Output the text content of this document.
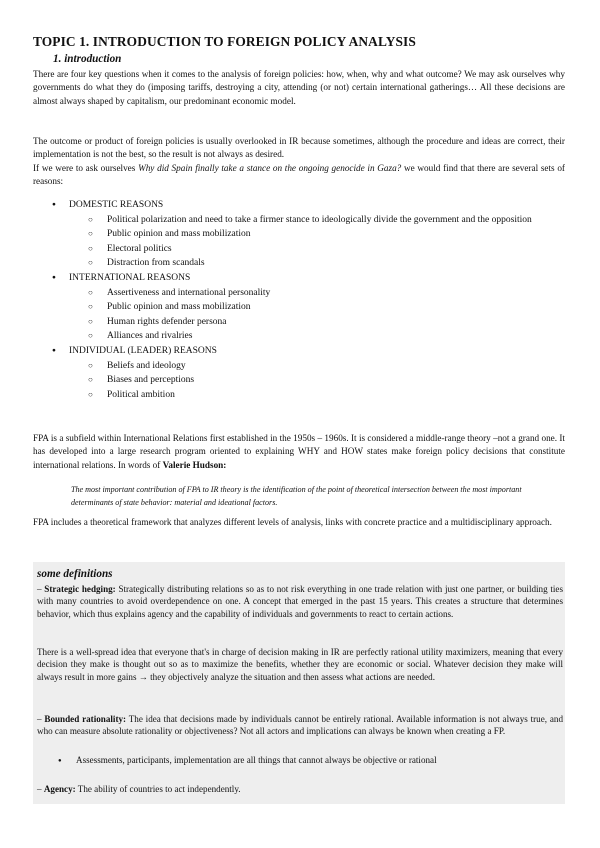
TOPIC 1. INTRODUCTION TO FOREIGN POLICY ANALYSIS
1. introduction

There are four key questions when it comes to the analysis of foreign policies: how, when, why and what outcome? We may ask ourselves why governments do what they do (imposing tariffs, destroying a city, attending (or not) certain international gatherings… All these decisions are almost always shaped by capitalism, our predominant economic model.

The outcome or product of foreign policies is usually overlooked in IR because sometimes, although the procedure and ideas are correct, their implementation is not the best, so the result is not always as desired.

If we were to ask ourselves Why did Spain finally take a stance on the ongoing genocide in Gaza? we would find that there are several sets of reasons:

● DOMESTIC REASONS
○ Political polarization and need to take a firmer stance to ideologically divide the government and the opposition
○ Public opinion and mass mobilization
○ Electoral politics
○ Distraction from scandals
● INTERNATIONAL REASONS
○ Assertiveness and international personality
○ Public opinion and mass mobilization
○ Human rights defender persona
○ Alliances and rivalries
● INDIVIDUAL (LEADER) REASONS
○ Beliefs and ideology
○ Biases and perceptions
○ Political ambition

FPA is a subfield within International Relations first established in the 1950s – 1960s. It is considered a middle-range theory –not a grand one. It has developed into a large research program oriented to explaining WHY and HOW states make foreign policy decisions that constitute international relations. In words of Valerie Hudson:

The most important contribution of FPA to IR theory is the identification of the point of theoretical intersection between the most important determinants of state behavior: material and ideational factors.

FPA includes a theoretical framework that analyzes different levels of analysis, links with concrete practice and a multidisciplinary approach.

some definitions

– Strategic hedging: Strategically distributing relations so as to not risk everything in one trade relation with just one partner, or building ties with many countries to avoid overdependence on one. A concept that emerged in the past 15 years. This creates a structure that determines behavior, which thus explains agency and the capability of individuals and governments to react to certain actions.

There is a well-spread idea that everyone that's in charge of decision making in IR are perfectly rational utility maximizers, meaning that every decision they make is thought out so as to maximize the benefits, whether they are economic or social. Whatever decision they make will always result in more gains → they objectively analyze the situation and then assess what actions are needed.

– Bounded rationality: The idea that decisions made by individuals cannot be entirely rational. Available information is not always true, and who can measure absolute rationality or objectiveness? Not all actors and implications can always be known when creating a FP.

● Assessments, participants, implementation are all things that cannot always be objective or rational

– Agency: The ability of countries to act independently.
